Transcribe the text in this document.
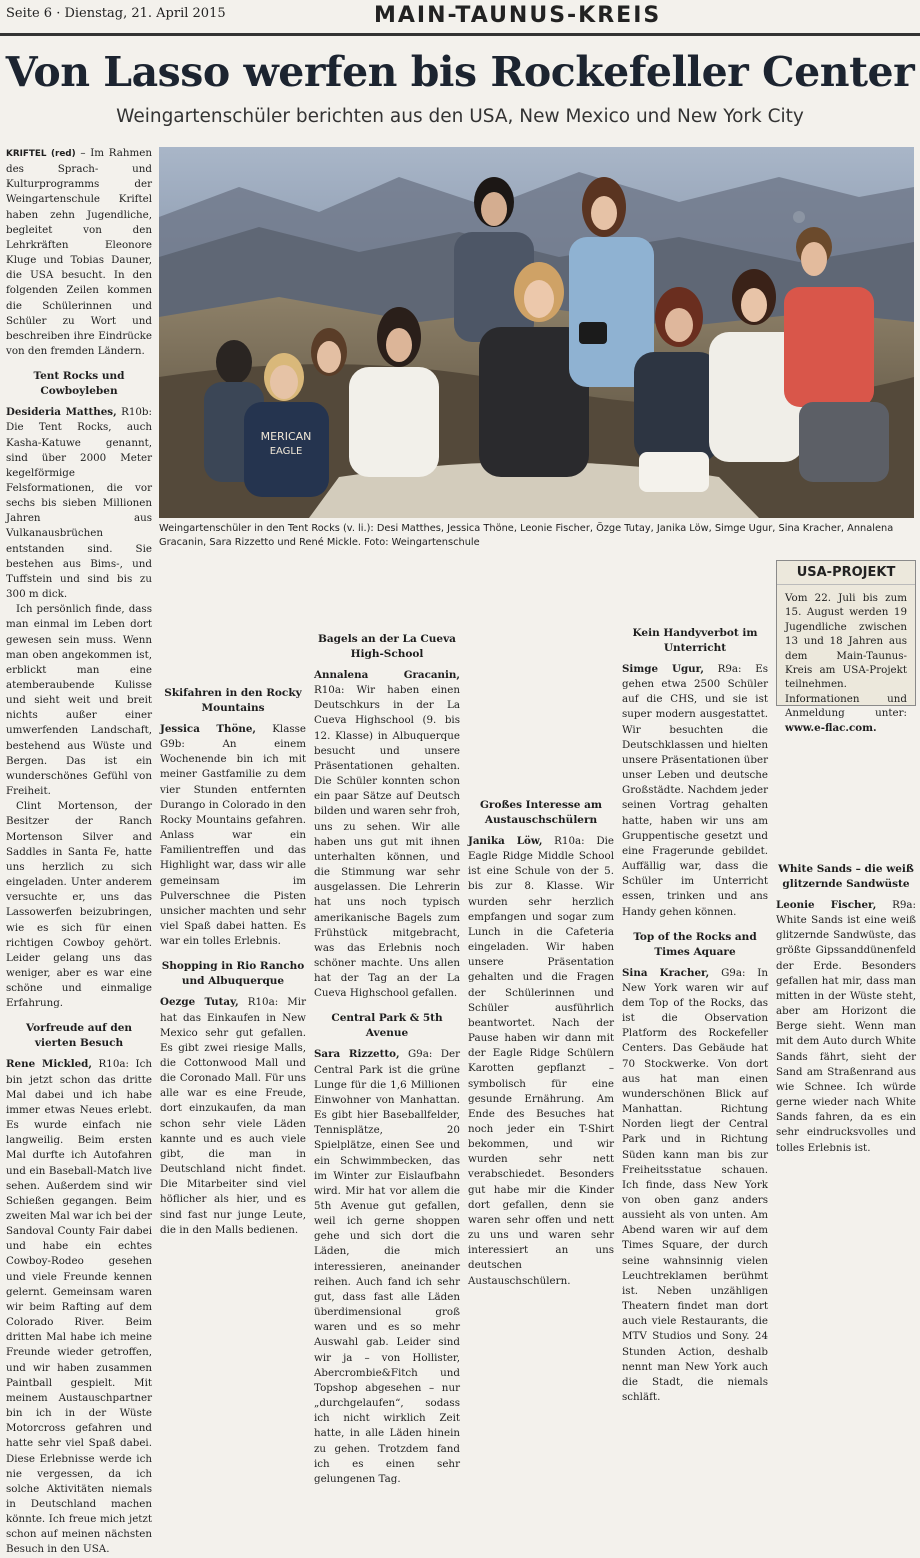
Seite 6 · Dienstag, 21. April 2015	MAIN-TAUNUS-KREIS
Von Lasso werfen bis Rockefeller Center
Weingartenschüler berichten aus den USA, New Mexico und New York City
MERICAN
EAGLE
Weingartenschüler in den Tent Rocks (v. li.): Desi Matthes, Jessica Thöne, Leonie Fischer, Özge Tutay, Janika Löw, Simge Ugur, Sina Kracher, Annalena Gracanin, Sara Rizzetto und René Mickle. Foto: Weingartenschule

KRIFTEL (red) – Im Rahmen des Sprach- und Kulturprogramms der Weingartenschule Kriftel haben zehn Jugendliche, begleitet von den Lehrkräften Eleonore Kluge und Tobias Dauner, die USA besucht. In den folgenden Zeilen kommen die Schülerinnen und Schüler zu Wort und beschreiben ihre Eindrücke von den fremden Ländern.

Tent Rocks und Cowboyleben

Desideria Matthes, R10b: Die Tent Rocks, auch Kasha-Katuwe genannt, sind über 2000 Meter kegelförmige Felsformationen, die vor sechs bis sieben Millionen Jahren aus Vulkanausbrüchen entstanden sind. Sie bestehen aus Bims-, und Tuffstein und sind bis zu 300 m dick.

Ich persönlich finde, dass man einmal im Leben dort gewesen sein muss. Wenn man oben angekommen ist, erblickt man eine atemberaubende Kulisse und sieht weit und breit nichts außer einer umwerfenden Landschaft, bestehend aus Wüste und Bergen. Das ist ein wunderschönes Gefühl von Freiheit.

Clint Mortenson, der Besitzer der Ranch Mortenson Silver and Saddles in Santa Fe, hatte uns herzlich zu sich eingeladen. Unter anderem versuchte er, uns das Lassowerfen beizubringen, wie es sich für einen richtigen Cowboy gehört. Leider gelang uns das weniger, aber es war eine schöne und einmalige Erfahrung.

Vorfreude auf den vierten Besuch

Rene Mickled, R10a: Ich bin jetzt schon das dritte Mal dabei und ich habe immer etwas Neues erlebt. Es wurde einfach nie langweilig. Beim ersten Mal durfte ich Autofahren und ein Baseball-Match live sehen. Außerdem sind wir Schießen gegangen. Beim zweiten Mal war ich bei der Sandoval County Fair dabei und habe ein echtes Cowboy-Rodeo gesehen und viele Freunde kennen gelernt. Gemeinsam waren wir beim Rafting auf dem Colorado River. Beim dritten Mal habe ich meine Freunde wieder getroffen, und wir haben zusammen Paintball gespielt. Mit meinem Austauschpartner bin ich in der Wüste Motorcross gefahren und hatte sehr viel Spaß dabei. Diese Erlebnisse werde ich nie vergessen, da ich solche Aktivitäten niemals in Deutschland machen könnte. Ich freue mich jetzt schon auf meinen nächsten Besuch in den USA.

Skifahren in den Rocky Mountains

Jessica Thöne, Klasse G9b: An einem Wochenende bin ich mit meiner Gastfamilie zu dem vier Stunden entfernten Durango in Colorado in den Rocky Mountains gefahren. Anlass war ein Familientreffen und das Highlight war, dass wir alle gemeinsam im Pulverschnee die Pisten unsicher machten und sehr viel Spaß dabei hatten. Es war ein tolles Erlebnis.

Shopping in Rio Rancho und Albuquerque

Oezge Tutay, R10a: Mir hat das Einkaufen in New Mexico sehr gut gefallen. Es gibt zwei riesige Malls, die Cottonwood Mall und die Coronado Mall. Für uns alle war es eine Freude, dort einzukaufen, da man schon sehr viele Läden kannte und es auch viele gibt, die man in Deutschland nicht findet. Die Mitarbeiter sind viel höflicher als hier, und es sind fast nur junge Leute, die in den Malls bedienen.

Bagels an der La Cueva High-School

Annalena Gracanin, R10a: Wir haben einen Deutschkurs in der La Cueva Highschool (9. bis 12. Klasse) in Albuquerque besucht und unsere Präsentationen gehalten. Die Schüler konnten schon ein paar Sätze auf Deutsch bilden und waren sehr froh, uns zu sehen. Wir alle haben uns gut mit ihnen unterhalten können, und die Stimmung war sehr ausgelassen. Die Lehrerin hat uns noch typisch amerikanische Bagels zum Frühstück mitgebracht, was das Erlebnis noch schöner machte. Uns allen hat der Tag an der La Cueva Highschool gefallen.

Central Park & 5th Avenue

Sara Rizzetto, G9a: Der Central Park ist die grüne Lunge für die 1,6 Millionen Einwohner von Manhattan. Es gibt hier Baseballfelder, Tennisplätze, 20 Spielplätze, einen See und ein Schwimmbecken, das im Winter zur Eislaufbahn wird. Mir hat vor allem die 5th Avenue gut gefallen, weil ich gerne shoppen gehe und sich dort die Läden, die mich interessieren, aneinander reihen. Auch fand ich sehr gut, dass fast alle Läden überdimensional groß waren und es so mehr Auswahl gab. Leider sind wir ja – von Hollister, Abercrombie&Fitch und Topshop abgesehen – nur „durchgelaufen“, sodass ich nicht wirklich Zeit hatte, in alle Läden hinein zu gehen. Trotzdem fand ich es einen sehr gelungenen Tag.

Großes Interesse am Austauschschülern

Janika Löw, R10a: Die Eagle Ridge Middle School ist eine Schule von der 5. bis zur 8. Klasse. Wir wurden sehr herzlich empfangen und sogar zum Lunch in die Cafeteria eingeladen. Wir haben unsere Präsentation gehalten und die Fragen der Schülerinnen und Schüler ausführlich beantwortet. Nach der Pause haben wir dann mit der Eagle Ridge Schülern Karotten gepflanzt – symbolisch für eine gesunde Ernährung. Am Ende des Besuches hat noch jeder ein T-Shirt bekommen, und wir wurden sehr nett verabschiedet. Besonders gut habe mir die Kinder dort gefallen, denn sie waren sehr offen und nett zu uns und waren sehr interessiert an uns deutschen Austauschschülern.

Kein Handyverbot im Unterricht

Simge Ugur, R9a: Es gehen etwa 2500 Schüler auf die CHS, und sie ist super modern ausgestattet. Wir besuchten die Deutschklassen und hielten unsere Präsentationen über unser Leben und deutsche Großstädte. Nachdem jeder seinen Vortrag gehalten hatte, haben wir uns am Gruppentische gesetzt und eine Fragerunde gebildet. Auffällig war, dass die Schüler im Unterricht essen, trinken und ans Handy gehen können.

Top of the Rocks and Times Aquare

Sina Kracher, G9a: In New York waren wir auf dem Top of the Rocks, das ist die Observation Platform des Rockefeller Centers. Das Gebäude hat 70 Stockwerke. Von dort aus hat man einen wunderschönen Blick auf Manhattan. Richtung Norden liegt der Central Park und in Richtung Süden kann man bis zur Freiheitsstatue schauen. Ich finde, dass New York von oben ganz anders aussieht als von unten. Am Abend waren wir auf dem Times Square, der durch seine wahnsinnig vielen Leuchtreklamen berühmt ist. Neben unzähligen Theatern findet man dort auch viele Restaurants, die MTV Studios und Sony. 24 Stunden Action, deshalb nennt man New York auch die Stadt, die niemals schläft.

USA-PROJEKT
Vom 22. Juli bis zum 15. August werden 19 Jugendliche zwischen 13 und 18 Jahren aus dem Main-Taunus-Kreis am USA-Projekt teilnehmen. Informationen und Anmeldung unter: www.e-flac.com.
White Sands – die weiß glitzernde Sandwüste

Leonie Fischer, R9a: White Sands ist eine weiß glitzernde Sandwüste, das größte Gipssanddünenfeld der Erde. Besonders gefallen hat mir, dass man mitten in der Wüste steht, aber am Horizont die Berge sieht. Wenn man mit dem Auto durch White Sands fährt, sieht der Sand am Straßenrand aus wie Schnee. Ich würde gerne wieder nach White Sands fahren, da es ein sehr eindrucksvolles und tolles Erlebnis ist.
